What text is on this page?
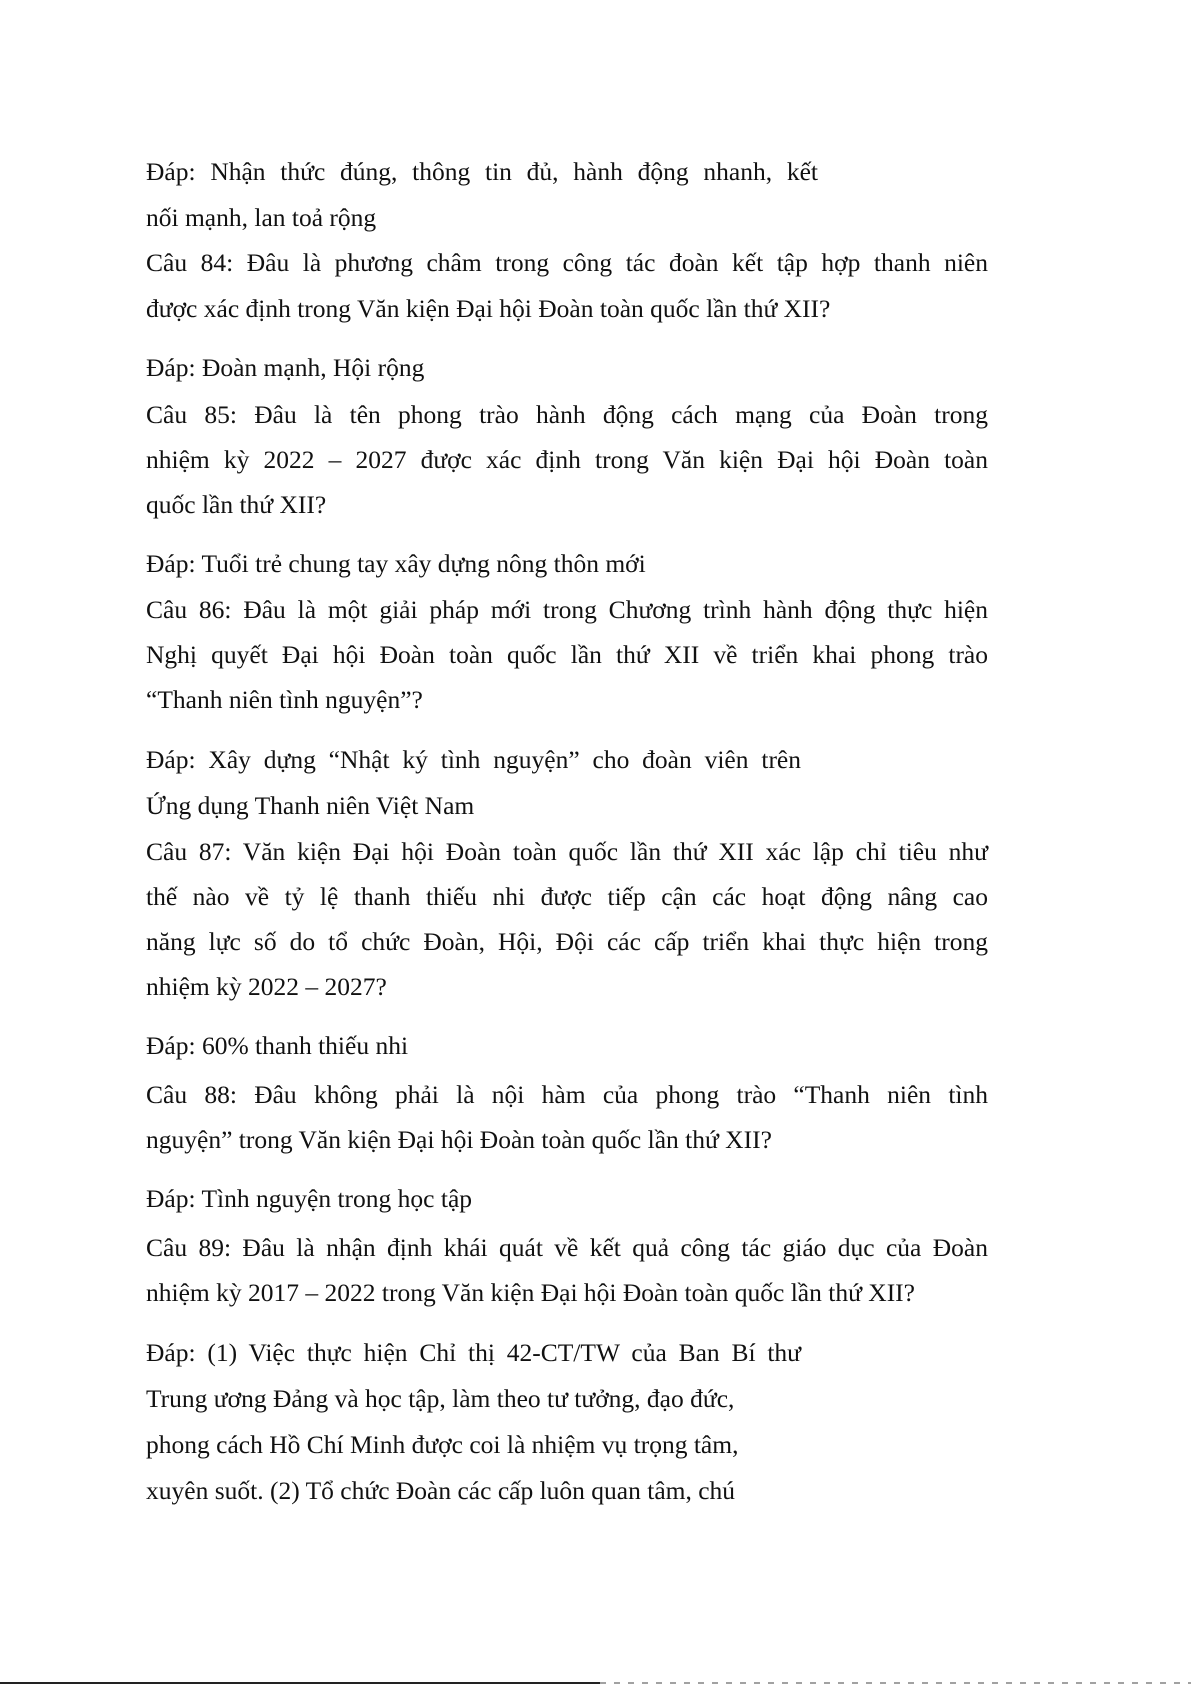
Đáp: Nhận thức đúng, thông tin đủ, hành động nhanh, kết
nối mạnh, lan toả rộng
Câu 84: Đâu là phương châm trong công tác đoàn kết tập hợp thanh niên
được xác định trong Văn kiện Đại hội Đoàn toàn quốc lần thứ XII?
Đáp: Đoàn mạnh, Hội rộng
Câu 85: Đâu là tên phong trào hành động cách mạng của Đoàn trong
nhiệm kỳ 2022 – 2027 được xác định trong Văn kiện Đại hội Đoàn toàn
quốc lần thứ XII?
Đáp: Tuổi trẻ chung tay xây dựng nông thôn mới
Câu 86: Đâu là một giải pháp mới trong Chương trình hành động thực hiện
Nghị quyết Đại hội Đoàn toàn quốc lần thứ XII về triển khai phong trào
“Thanh niên tình nguyện”?
Đáp: Xây dựng “Nhật ký tình nguyện” cho đoàn viên trên
Ứng dụng Thanh niên Việt Nam
Câu 87: Văn kiện Đại hội Đoàn toàn quốc lần thứ XII xác lập chỉ tiêu như
thế nào về tỷ lệ thanh thiếu nhi được tiếp cận các hoạt động nâng cao
năng lực số do tổ chức Đoàn, Hội, Đội các cấp triển khai thực hiện trong
nhiệm kỳ 2022 – 2027?
Đáp: 60% thanh thiếu nhi
Câu 88: Đâu không phải là nội hàm của phong trào “Thanh niên tình
nguyện” trong Văn kiện Đại hội Đoàn toàn quốc lần thứ XII?
Đáp: Tình nguyện trong học tập
Câu 89: Đâu là nhận định khái quát về kết quả công tác giáo dục của Đoàn
nhiệm kỳ 2017 – 2022 trong Văn kiện Đại hội Đoàn toàn quốc lần thứ XII?
Đáp: (1) Việc thực hiện Chỉ thị 42-CT/TW của Ban Bí thư
Trung ương Đảng và học tập, làm theo tư tưởng, đạo đức,
phong cách Hồ Chí Minh được coi là nhiệm vụ trọng tâm,
xuyên suốt. (2) Tổ chức Đoàn các cấp luôn quan tâm, chú
